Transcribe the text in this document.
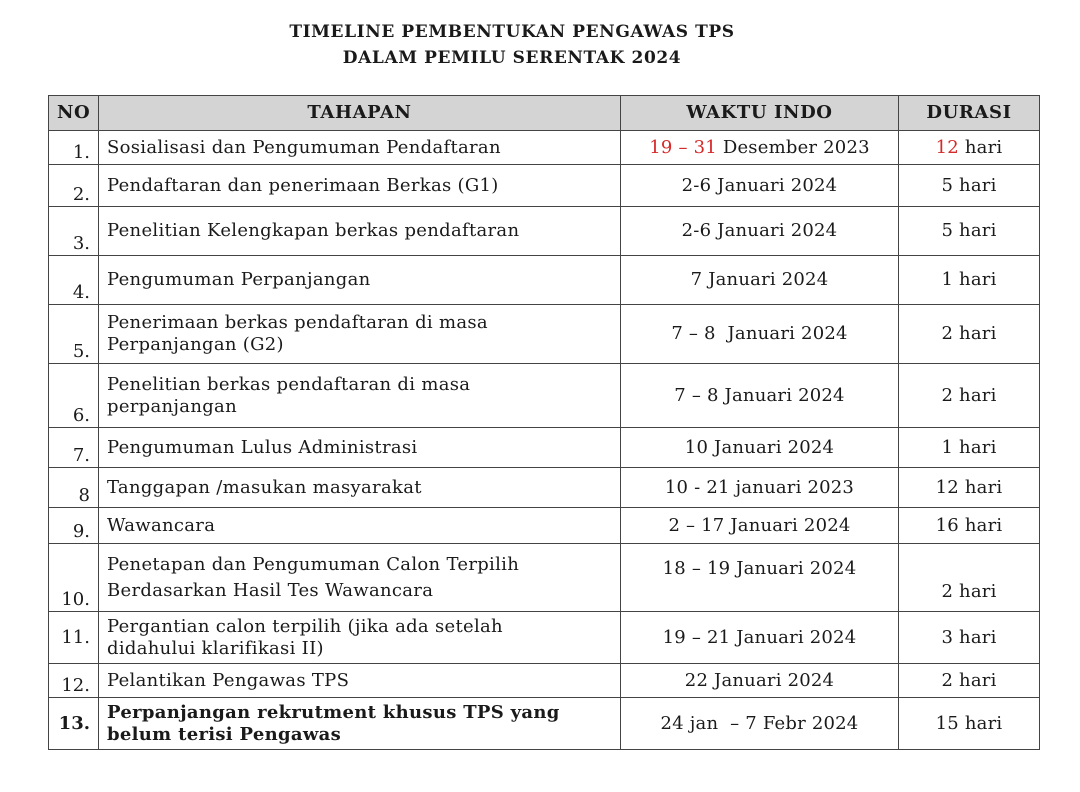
TIMELINE PEMBENTUKAN PENGAWAS TPS
DALAM PEMILU SERENTAK 2024
NO	TAHAPAN	WAKTU INDO	DURASI
1.	Sosialisasi dan Pengumuman Pendaftaran	19 – 31 Desember 2023	12 hari
2.	Pendaftaran dan penerimaan Berkas (G1)	2-6 Januari 2024	5 hari
3.	Penelitian Kelengkapan berkas pendaftaran	2-6 Januari 2024	5 hari
4.	Pengumuman Perpanjangan	7 Januari 2024	1 hari
5.	Penerimaan berkas pendaftaran di masa
Perpanjangan (G2)	7 – 8  Januari 2024	2 hari
6.	Penelitian berkas pendaftaran di masa
perpanjangan	7 – 8 Januari 2024	2 hari
7.	Pengumuman Lulus Administrasi	10 Januari 2024	1 hari
8	Tanggapan /masukan masyarakat	10 - 21 januari 2023	12 hari
9.	Wawancara	2 – 17 Januari 2024	16 hari
10.	Penetapan dan Pengumuman Calon Terpilih
Berdasarkan Hasil Tes Wawancara	18 – 19 Januari 2024	2 hari
11.	Pergantian calon terpilih (jika ada setelah
didahului klarifikasi II)	19 – 21 Januari 2024	3 hari
12.	Pelantikan Pengawas TPS	22 Januari 2024	2 hari
13.	Perpanjangan rekrutment khusus TPS yang
belum terisi Pengawas	24 jan  – 7 Febr 2024	15 hari
